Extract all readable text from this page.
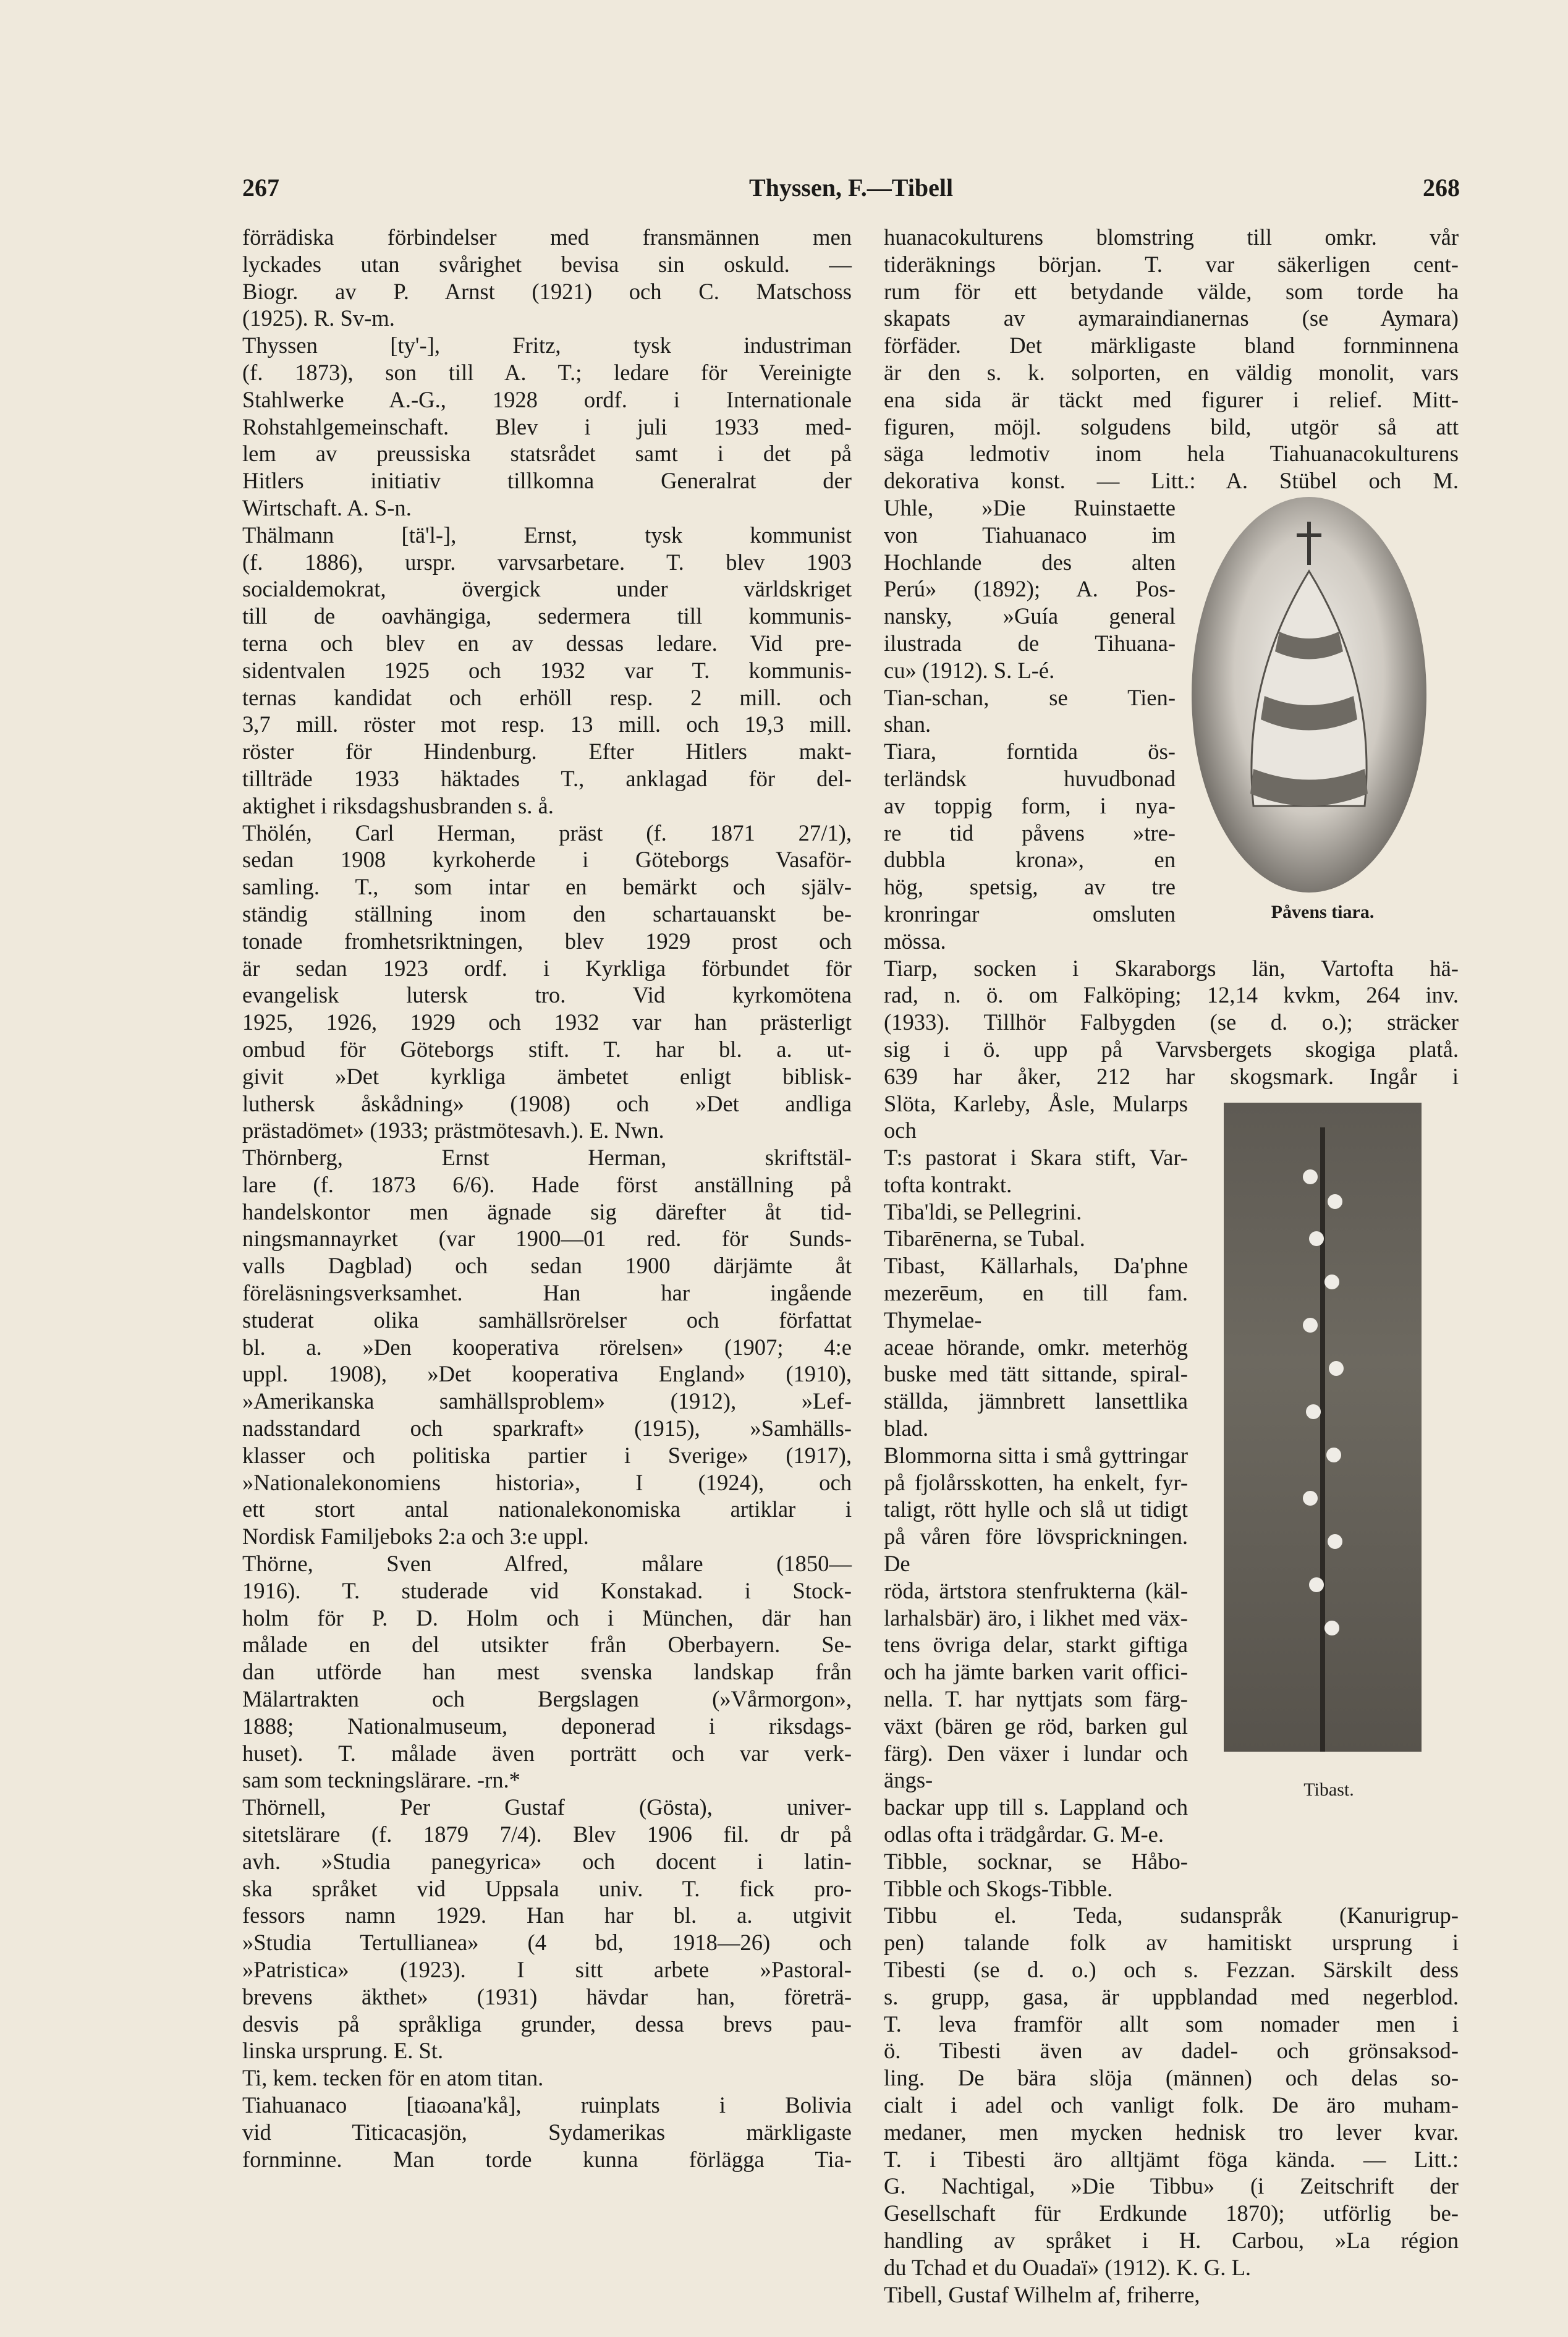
267	Thyssen, F.—Tibell	268

förrädiska förbindelser med fransmännen men

lyckades utan svårighet bevisa sin oskuld. —

Biogr. av P. Arnst (1921) och C. Matschoss

(1925). R. Sv-m.

Thyssen [ty'-], Fritz, tysk industriman

(f. 1873), son till A. T.; ledare för Vereinigte

Stahlwerke A.-G., 1928 ordf. i Internationale

Rohstahlgemeinschaft. Blev i juli 1933 med-

lem av preussiska statsrådet samt i det på

Hitlers initiativ tillkomna Generalrat der

Wirtschaft. A. S-n.

Thälmann [tä'l-], Ernst, tysk kommunist

(f. 1886), urspr. varvsarbetare. T. blev 1903

socialdemokrat, övergick under världskriget

till de oavhängiga, sedermera till kommunis-

terna och blev en av dessas ledare. Vid pre-

sidentvalen 1925 och 1932 var T. kommunis-

ternas kandidat och erhöll resp. 2 mill. och

3,7 mill. röster mot resp. 13 mill. och 19,3 mill.

röster för Hindenburg. Efter Hitlers makt-

tillträde 1933 häktades T., anklagad för del-

aktighet i riksdagshusbranden s. å.

Thölén, Carl Herman, präst (f. 1871 27/1),

sedan 1908 kyrkoherde i Göteborgs Vasaför-

samling. T., som intar en bemärkt och själv-

ständig ställning inom den schartauanskt be-

tonade fromhetsriktningen, blev 1929 prost och

är sedan 1923 ordf. i Kyrkliga förbundet för

evangelisk lutersk tro. Vid kyrkomötena

1925, 1926, 1929 och 1932 var han prästerligt

ombud för Göteborgs stift. T. har bl. a. ut-

givit »Det kyrkliga ämbetet enligt biblisk-

luthersk åskådning» (1908) och »Det andliga

prästadömet» (1933; prästmötesavh.). E. Nwn.

Thörnberg, Ernst Herman, skriftstäl-

lare (f. 1873 6/6). Hade först anställning på

handelskontor men ägnade sig därefter åt tid-

ningsmannayrket (var 1900—01 red. för Sunds-

valls Dagblad) och sedan 1900 därjämte åt

föreläsningsverksamhet. Han har ingående

studerat olika samhällsrörelser och författat

bl. a. »Den kooperativa rörelsen» (1907; 4:e

uppl. 1908), »Det kooperativa England» (1910),

»Amerikanska samhällsproblem» (1912), »Lef-

nadsstandard och sparkraft» (1915), »Samhälls-

klasser och politiska partier i Sverige» (1917),

»Nationalekonomiens historia», I (1924), och

ett stort antal nationalekonomiska artiklar i

Nordisk Familjeboks 2:a och 3:e uppl.

Thörne, Sven Alfred, målare (1850—

1916). T. studerade vid Konstakad. i Stock-

holm för P. D. Holm och i München, där han

målade en del utsikter från Oberbayern. Se-

dan utförde han mest svenska landskap från

Mälartrakten och Bergslagen (»Vårmorgon»,

1888; Nationalmuseum, deponerad i riksdags-

huset). T. målade även porträtt och var verk-

sam som teckningslärare. -rn.*

Thörnell, Per Gustaf (Gösta), univer-

sitetslärare (f. 1879 7/4). Blev 1906 fil. dr på

avh. »Studia panegyrica» och docent i latin-

ska språket vid Uppsala univ. T. fick pro-

fessors namn 1929. Han har bl. a. utgivit

»Studia Tertullianea» (4 bd, 1918—26) och

»Patristica» (1923). I sitt arbete »Pastoral-

brevens äkthet» (1931) hävdar han, företrä-

desvis på språkliga grunder, dessa brevs pau-

linska ursprung. E. St.

Ti, kem. tecken för en atom titan.

Tiahuanaco [tiaɷana'kå], ruinplats i Bolivia

vid Titicacasjön, Sydamerikas märkligaste

fornminne. Man torde kunna förlägga Tia-

huanacokulturens blomstring till omkr. vår

tideräknings början. T. var säkerligen cent-

rum för ett betydande välde, som torde ha

skapats av aymaraindianernas (se Aymara)

förfäder. Det märkligaste bland fornminnena

är den s. k. solporten, en väldig monolit, vars

ena sida är täckt med figurer i relief. Mitt-

figuren, möjl. solgudens bild, utgör så att

säga ledmotiv inom hela Tiahuanacokulturens

dekorativa konst. — Litt.: A. Stübel och M.

Påvens tiara.

Uhle, »Die Ruinstaette

von Tiahuanaco im

Hochlande des alten

Perú» (1892); A. Pos-

nansky, »Guía general

ilustrada de Tihuana-

cu» (1912). S. L-é.

Tian-schan, se Tien-

shan.

Tiara, forntida ös-

terländsk huvudbonad

av toppig form, i nya-

re tid påvens »tre-

dubbla krona», en

hög, spetsig, av tre

kronringar omsluten

mössa.

Tiarp, socken i Skaraborgs län, Vartofta hä-

rad, n. ö. om Falköping; 12,14 kvkm, 264 inv.

(1933). Tillhör Falbygden (se d. o.); sträcker

sig i ö. upp på Varvsbergets skogiga platå.

639 har åker, 212 har skogsmark. Ingår i

Tibast.

Slöta, Karleby, Åsle, Mularps och

T:s pastorat i Skara stift, Var-

tofta kontrakt.

Tiba'ldi, se Pellegrini.

Tibarēnerna, se Tubal.

Tibast, Källarhals, Da'phne

mezerēum, en till fam. Thymelae-

aceae hörande, omkr. meterhög

buske med tätt sittande, spiral-

ställda, jämnbrett lansettlika blad.

Blommorna sitta i små gyttringar

på fjolårsskotten, ha enkelt, fyr-

taligt, rött hylle och slå ut tidigt

på våren före lövsprickningen. De

röda, ärtstora stenfrukterna (käl-

larhalsbär) äro, i likhet med väx-

tens övriga delar, starkt giftiga

och ha jämte barken varit offici-

nella. T. har nyttjats som färg-

växt (bären ge röd, barken gul

färg). Den växer i lundar och ängs-

backar upp till s. Lappland och

odlas ofta i trädgårdar. G. M-e.

Tibble, socknar, se Håbo-

Tibble och Skogs-Tibble.

Tibbu el. Teda, sudanspråk (Kanurigrup-

pen) talande folk av hamitiskt ursprung i

Tibesti (se d. o.) och s. Fezzan. Särskilt dess

s. grupp, gasa, är uppblandad med negerblod.

T. leva framför allt som nomader men i

ö. Tibesti även av dadel- och grönsaksod-

ling. De bära slöja (männen) och delas so-

cialt i adel och vanligt folk. De äro muham-

medaner, men mycken hednisk tro lever kvar.

T. i Tibesti äro alltjämt föga kända. — Litt.:

G. Nachtigal, »Die Tibbu» (i Zeitschrift der

Gesellschaft für Erdkunde 1870); utförlig be-

handling av språket i H. Carbou, »La région

du Tchad et du Ouadaï» (1912). K. G. L.

Tibell, Gustaf Wilhelm af, friherre,
